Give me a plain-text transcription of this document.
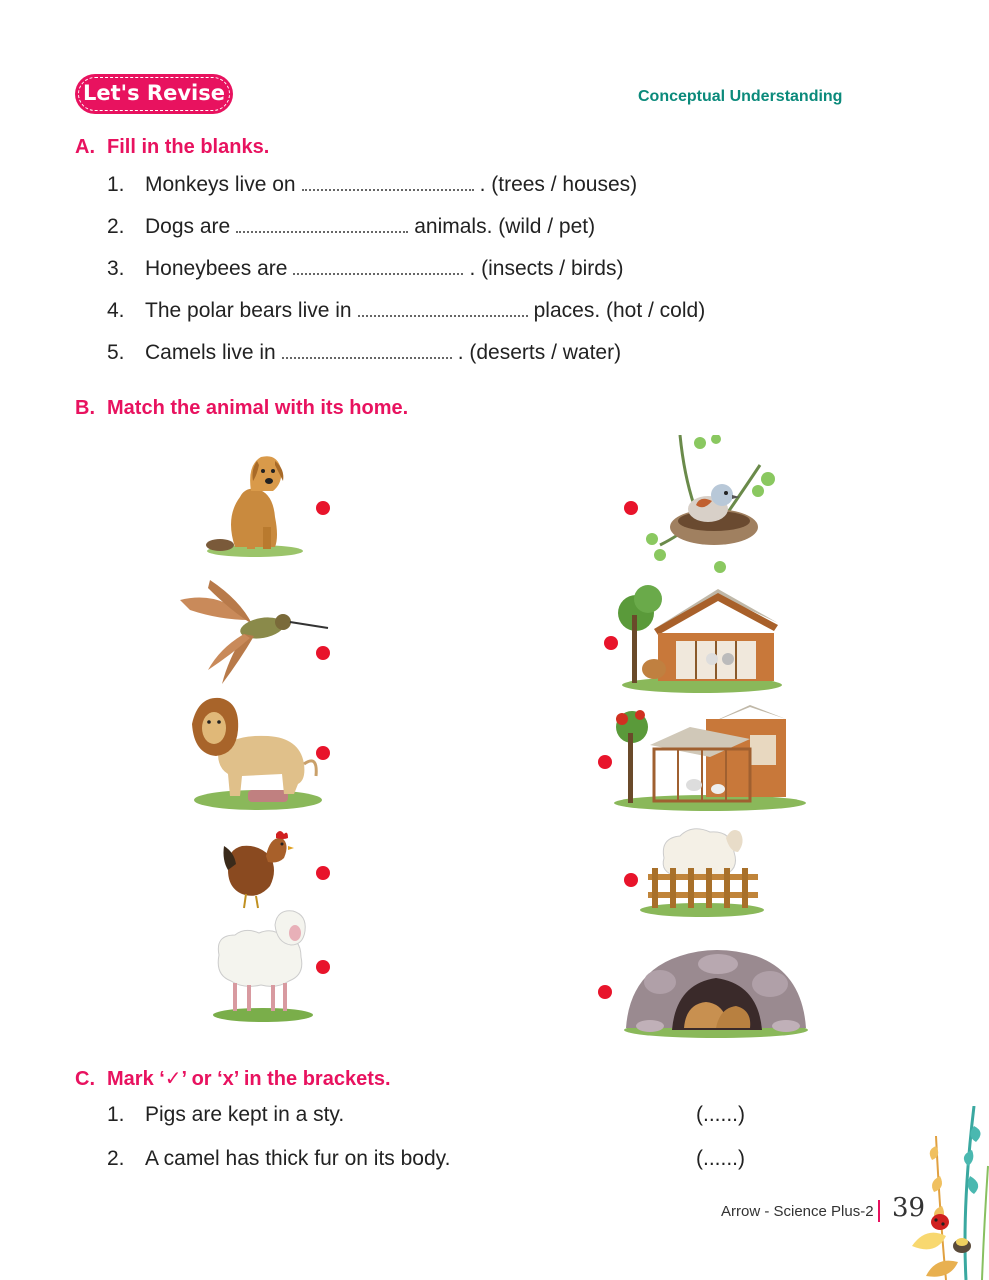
Let's Revise	Conceptual Understanding
A. Fill in the blanks.
1. Monkeys live on	. (trees / houses)
2. Dogs are	animals. (wild / pet)
3. Honeybees are	. (insects / birds)
4. The polar bears live in	places. (hot / cold)
5. Camels live in	. (deserts / water)
B. Match the animal with its home.
C. Mark ‘✓’ or ‘x’ in the brackets.
1. Pigs are kept in a sty.	(......)
2. A camel has thick fur on its body.	(......)
Arrow - Science Plus-2 39
